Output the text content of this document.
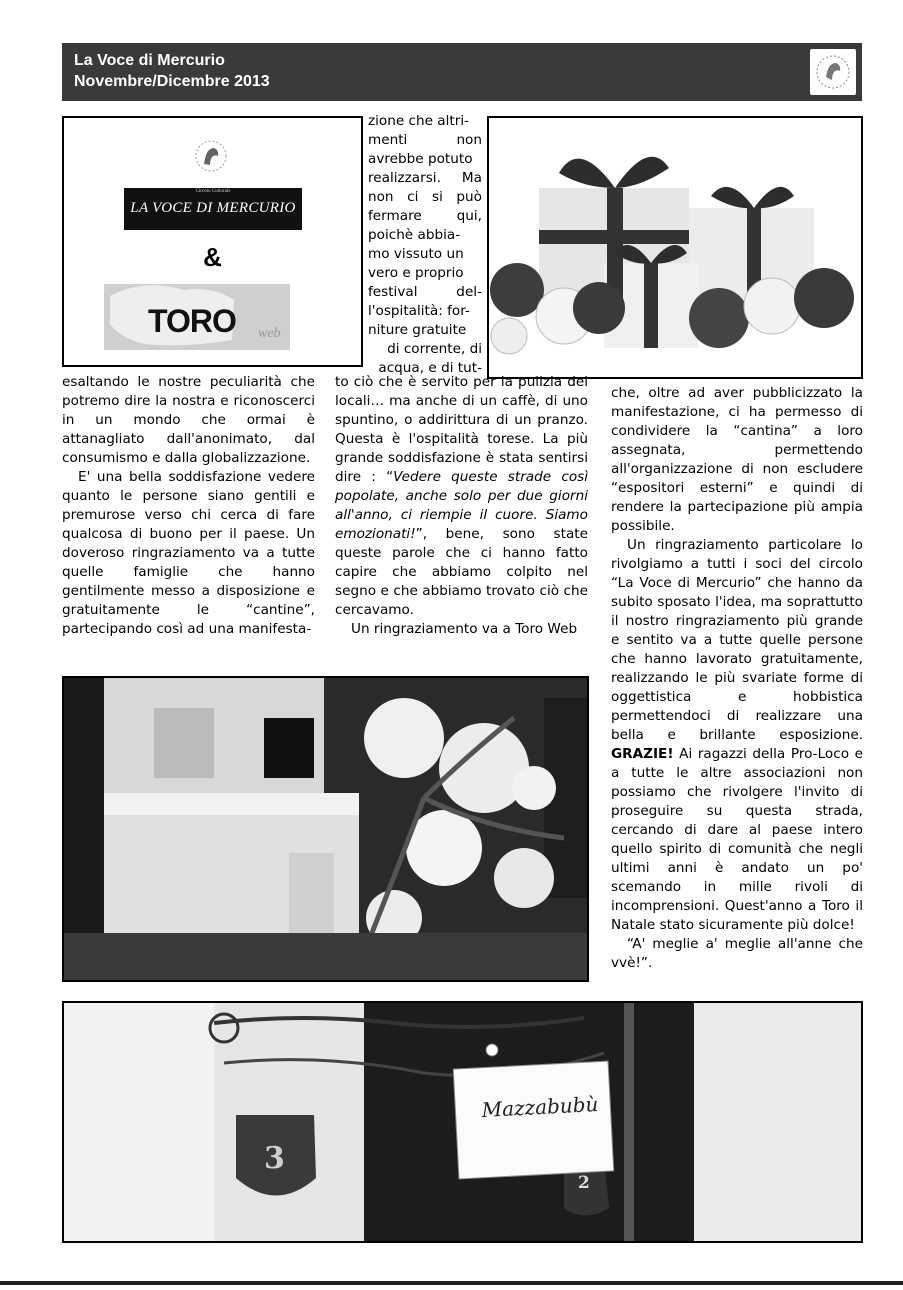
La Voce di Mercurio
Novembre/Dicembre 2013
Circolo Culturale
LA VOCE DI MERCURIO
&
TORO web

zione che altri-

menti non

avrebbe potuto

realizzarsi. Ma

non ci si può

fermare qui,

poichè abbia-

mo vissuto un

vero e proprio

festival del-

l'ospitalità: for-

niture gratuite

di corrente, di

acqua, e di tut-

esaltando le nostre peculiarità che potremo dire la nostra e riconoscerci in un mondo che ormai è attanagliato dall'anonimato, dal consumismo e dalla globalizzazione.

E' una bella soddisfazione vedere quanto le persone siano gentili e premurose verso chi cerca di fare qualcosa di buono per il paese. Un doveroso ringraziamento va a tutte quelle famiglie che hanno gentilmente messo a disposizione e gratuitamente le “cantine”, partecipando così ad una manifesta-

to ciò che è servito per la pulizia dei locali… ma anche di un caffè, di uno spuntino, o addirittura di un pranzo. Questa è l'ospitalità torese. La più grande soddisfazione è stata sentirsi dire : “Vedere queste strade così popolate, anche solo per due giorni all'anno, ci riempie il cuore. Siamo emozionati!”, bene, sono state queste parole che ci hanno fatto capire che abbiamo colpito nel segno e che abbiamo trovato ciò che cercavamo.

Un ringraziamento va a Toro Web

che, oltre ad aver pubblicizzato la manifestazione, ci ha permesso di condividere la “cantina” a loro assegnata, permettendo all'organizzazione di non escludere “espositori esterni” e quindi di rendere la partecipazione più ampia possibile.

Un ringraziamento particolare lo rivolgiamo a tutti i soci del circolo “La Voce di Mercurio” che hanno da subito sposato l'idea, ma soprattutto il nostro ringraziamento più grande e sentito va a tutte quelle persone che hanno lavorato gratuitamente, realizzando le più svariate forme di oggettistica e hobbistica permettendoci di realizzare una bella e brillante esposizione. GRAZIE! Ai ragazzi della Pro-Loco e a tutte le altre associazioni non possiamo che rivolgere l'invito di proseguire su questa strada, cercando di dare al paese intero quello spirito di comunità che negli ultimi anni è andato un po' scemando in mille rivoli di incomprensioni. Quest'anno a Toro il Natale stato sicuramente più dolce!

“A' meglie a' meglie all'anne che vvè!”.

Mazzabubù
3
2
